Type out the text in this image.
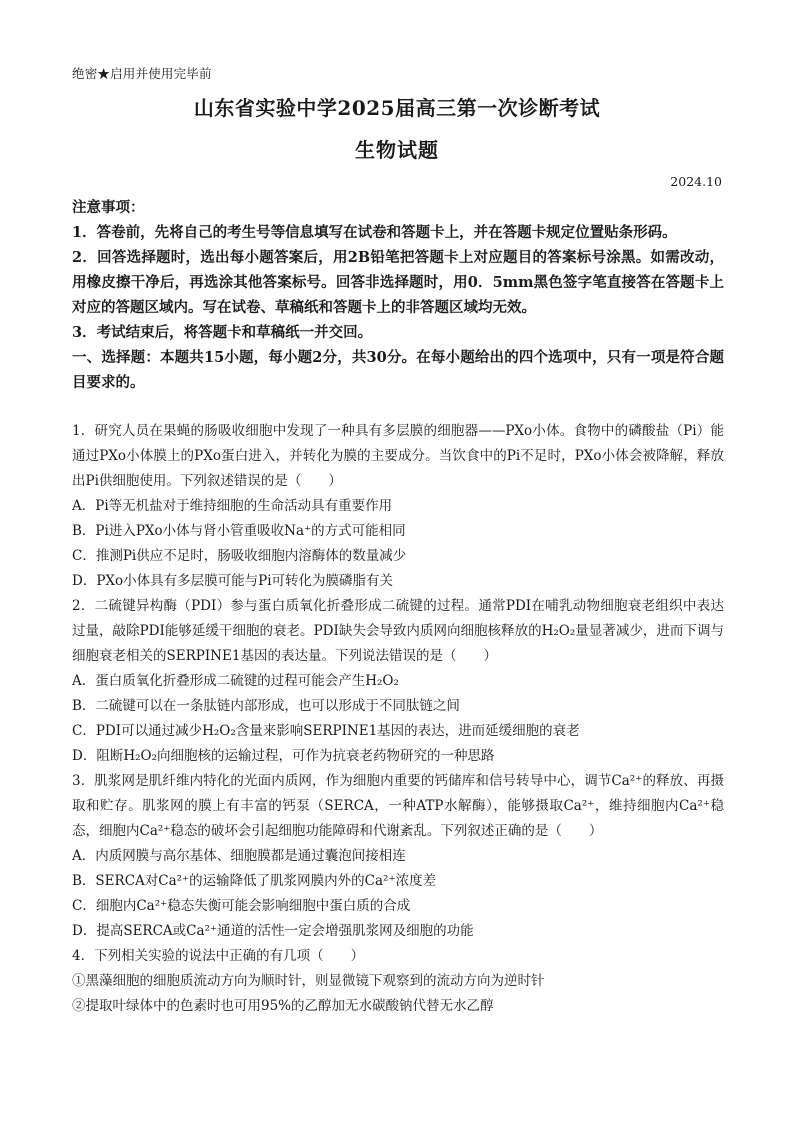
绝密★启用并使用完毕前
山东省实验中学2025届高三第一次诊断考试
生物试题
2024.10

注意事项：

1．答卷前，先将自己的考生号等信息填写在试卷和答题卡上，并在答题卡规定位置贴条形码。

2．回答选择题时，选出每小题答案后，用2B铅笔把答题卡上对应题目的答案标号涂黑。如需改动，用橡皮擦干净后，再选涂其他答案标号。回答非选择题时，用0．5mm黑色签字笔直接答在答题卡上对应的答题区域内。写在试卷、草稿纸和答题卡上的非答题区域均无效。

3．考试结束后，将答题卡和草稿纸一并交回。

一、选择题：本题共15小题，每小题2分，共30分。在每小题给出的四个选项中，只有一项是符合题目要求的。

1．研究人员在果蝇的肠吸收细胞中发现了一种具有多层膜的细胞器——PXo小体。食物中的磷酸盐（Pi）能通过PXo小体膜上的PXo蛋白进入，并转化为膜的主要成分。当饮食中的Pi不足时，PXo小体会被降解，释放出Pi供细胞使用。下列叙述错误的是（　　）

A．Pi等无机盐对于维持细胞的生命活动具有重要作用

B．Pi进入PXo小体与肾小管重吸收Na⁺的方式可能相同

C．推测Pi供应不足时，肠吸收细胞内溶酶体的数量减少

D．PXo小体具有多层膜可能与Pi可转化为膜磷脂有关

2．二硫键异构酶（PDI）参与蛋白质氧化折叠形成二硫键的过程。通常PDI在哺乳动物细胞衰老组织中表达过量，敲除PDI能够延缓干细胞的衰老。PDI缺失会导致内质网向细胞核释放的H₂O₂量显著减少，进而下调与细胞衰老相关的SERPINE1基因的表达量。下列说法错误的是（　　）

A．蛋白质氧化折叠形成二硫键的过程可能会产生H₂O₂

B．二硫键可以在一条肽链内部形成，也可以形成于不同肽链之间

C．PDI可以通过减少H₂O₂含量来影响SERPINE1基因的表达，进而延缓细胞的衰老

D．阻断H₂O₂向细胞核的运输过程，可作为抗衰老药物研究的一种思路

3．肌浆网是肌纤维内特化的光面内质网，作为细胞内重要的钙储库和信号转导中心，调节Ca²⁺的释放、再摄取和贮存。肌浆网的膜上有丰富的钙泵（SERCA，一种ATP水解酶），能够摄取Ca²⁺，维持细胞内Ca²⁺稳态，细胞内Ca²⁺稳态的破坏会引起细胞功能障碍和代谢紊乱。下列叙述正确的是（　　）

A．内质网膜与高尔基体、细胞膜都是通过囊泡间接相连

B．SERCA对Ca²⁺的运输降低了肌浆网膜内外的Ca²⁺浓度差

C．细胞内Ca²⁺稳态失衡可能会影响细胞中蛋白质的合成

D．提高SERCA或Ca²⁺通道的活性一定会增强肌浆网及细胞的功能

4．下列相关实验的说法中正确的有几项（　　）

①黑藻细胞的细胞质流动方向为顺时针，则显微镜下观察到的流动方向为逆时针

②提取叶绿体中的色素时也可用95%的乙醇加无水碳酸钠代替无水乙醇
